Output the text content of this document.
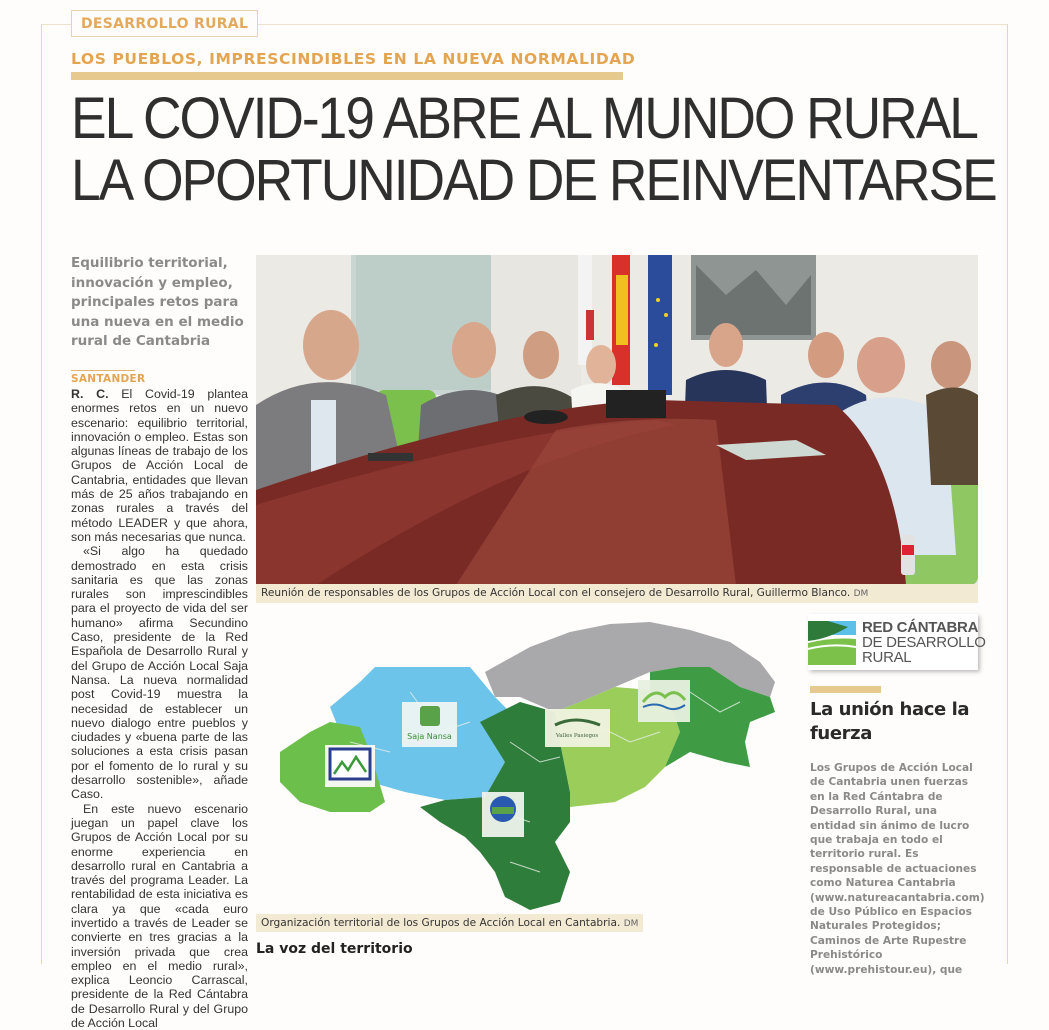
DESARROLLO RURAL
LOS PUEBLOS, IMPRESCINDIBLES EN LA NUEVA NORMALIDAD
EL COVID-19 ABRE AL MUNDO RURAL
LA OPORTUNIDAD DE REINVENTARSE
Equilibrio territorial, innovación y empleo, principales retos para una nueva en el medio rural de Cantabria
SANTANDER

R. C. El Covid-19 plantea enormes retos en un nuevo escenario: equilibrio territorial, innovación o empleo. Estas son algunas líneas de trabajo de los Grupos de Acción Local de Cantabria, entidades que llevan más de 25 años trabajando en zonas rurales a través del método LEADER y que ahora, son más necesarias que nunca.

«Si algo ha quedado demostrado en esta crisis sanitaria es que las zonas rurales son imprescindibles para el proyecto de vida del ser humano» afirma Secundino Caso, presidente de la Red Española de Desarrollo Rural y del Grupo de Acción Local Saja Nansa. La nueva normalidad post Covid-19 muestra la necesidad de establecer un nuevo dialogo entre pueblos y ciudades y «buena parte de las soluciones a esta crisis pasan por el fomento de lo rural y su desarrollo sostenible», añade Caso.

En este nuevo escenario juegan un papel clave los Grupos de Acción Local por su enorme experiencia en desarrollo rural en Cantabria a través del programa Leader. La rentabilidad de esta iniciativa es clara ya que «cada euro invertido a través de Leader se convierte en tres gracias a la inversión privada que crea empleo en el medio rural», explica Leoncio Carrascal, presidente de la Red Cántabra de Desarrollo Rural y del Grupo de Acción Local

Reunión de responsables de los Grupos de Acción Local con el consejero de Desarrollo Rural, Guillermo Blanco. DM
Saja Nansa	Valles Pasiegos
Organización territorial de los Grupos de Acción Local en Cantabria. DM
La voz del territorio
RED CÁNTABRA
DE DESARROLLO
RURAL
La unión hace la fuerza

Los Grupos de Acción Local de Cantabria unen fuerzas en la Red Cántabra de Desarrollo Rural, una entidad sin ánimo de lucro que trabaja en todo el territorio rural. Es responsable de actuaciones como Naturea Cantabria (www.natureacantabria.com) de Uso Público en Espacios Naturales Protegidos; Caminos de Arte Rupestre Prehistórico (www.prehistour.eu), que
